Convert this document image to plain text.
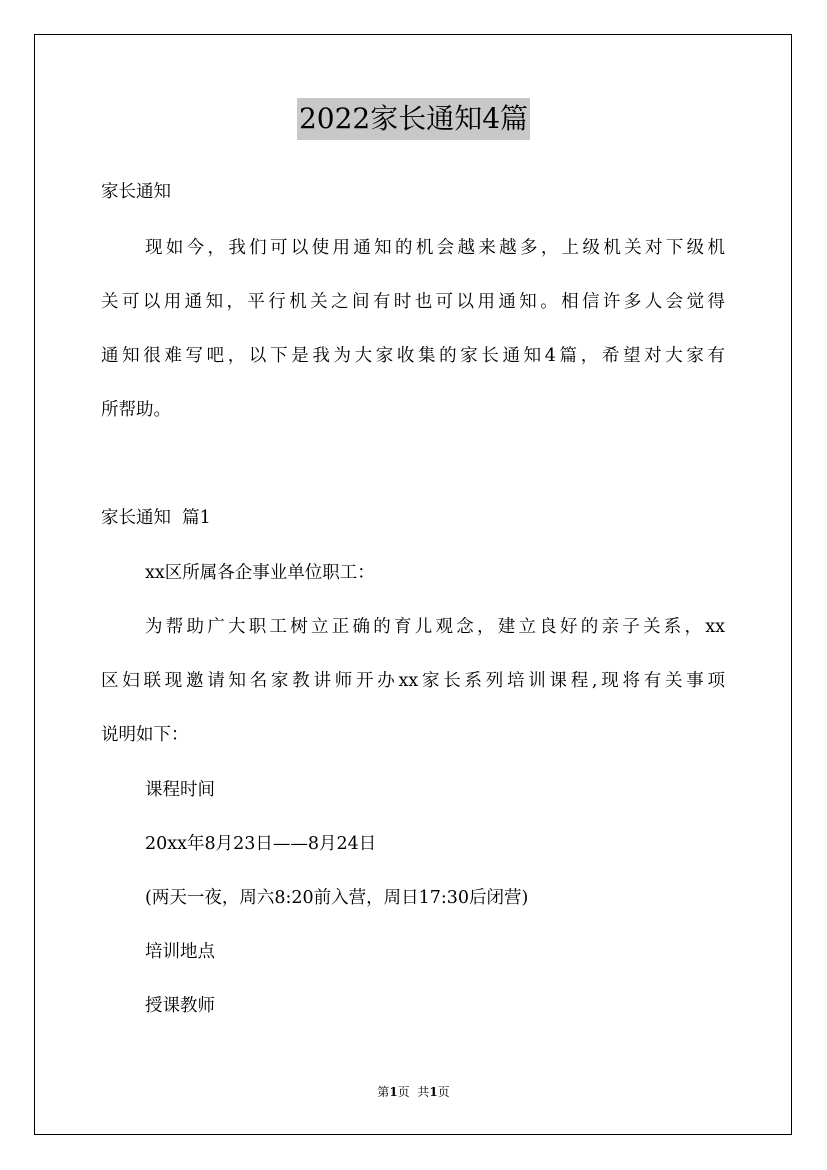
2022家长通知4篇
家长通知
现如今，我们可以使用通知的机会越来越多，上级机关对下级机
关可以用通知，平行机关之间有时也可以用通知。相信许多人会觉得
通知很难写吧，以下是我为大家收集的家长通知4篇，希望对大家有
所帮助。
家长通知  篇1
xx区所属各企事业单位职工：
为帮助广大职工树立正确的育儿观念，建立良好的亲子关系，xx
区妇联现邀请知名家教讲师开办xx家长系列培训课程,现将有关事项
说明如下：
课程时间
20xx年8月23日——8月24日
(两天一夜，周六8:20前入营，周日17:30后闭营)
培训地点
授课教师
第1页  共1页
